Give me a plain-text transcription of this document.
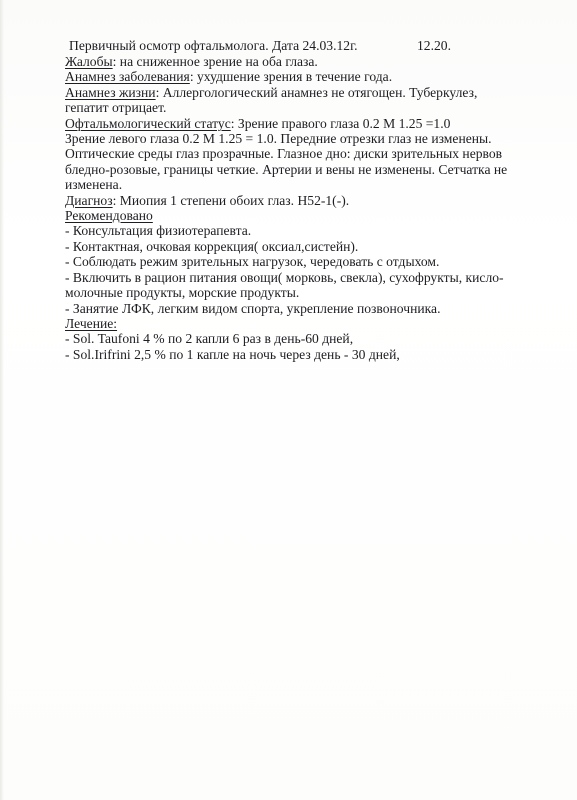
Первичный осмотр офтальмолога. Дата 24.03.12г.	12.20.
Жалобы: на сниженное зрение на оба глаза.
Анамнез заболевания: ухудшение зрения в течение года.
Анамнез жизни: Аллергологический анамнез не отягощен. Туберкулез,
гепатит отрицает.
Офтальмологический статус: Зрение правого глаза 0.2 M 1.25 =1.0
Зрение левого глаза 0.2 M 1.25 = 1.0. Передние отрезки глаз не изменены.
Оптические среды глаз прозрачные. Глазное дно: диски зрительных нервов
бледно-розовые, границы четкие. Артерии и вены не изменены. Сетчатка не
изменена.
Диагноз: Миопия 1 степени обоих глаз. H52-1(-).
Рекомендовано
- Консультация физиотерапевта.
- Контактная, очковая коррекция( оксиал,систейн).
- Соблюдать режим зрительных нагрузок, чередовать с отдыхом.
- Включить в рацион питания овощи( морковь, свекла), сухофрукты, кисло-
молочные продукты, морские продукты.
- Занятие ЛФК, легким видом спорта, укрепление позвоночника.
Лечение:
- Sol. Taufoni 4 % по 2 капли 6 раз в день-60 дней,
- Sol.Irifrini 2,5 % по 1 капле на ночь через день - 30 дней,
